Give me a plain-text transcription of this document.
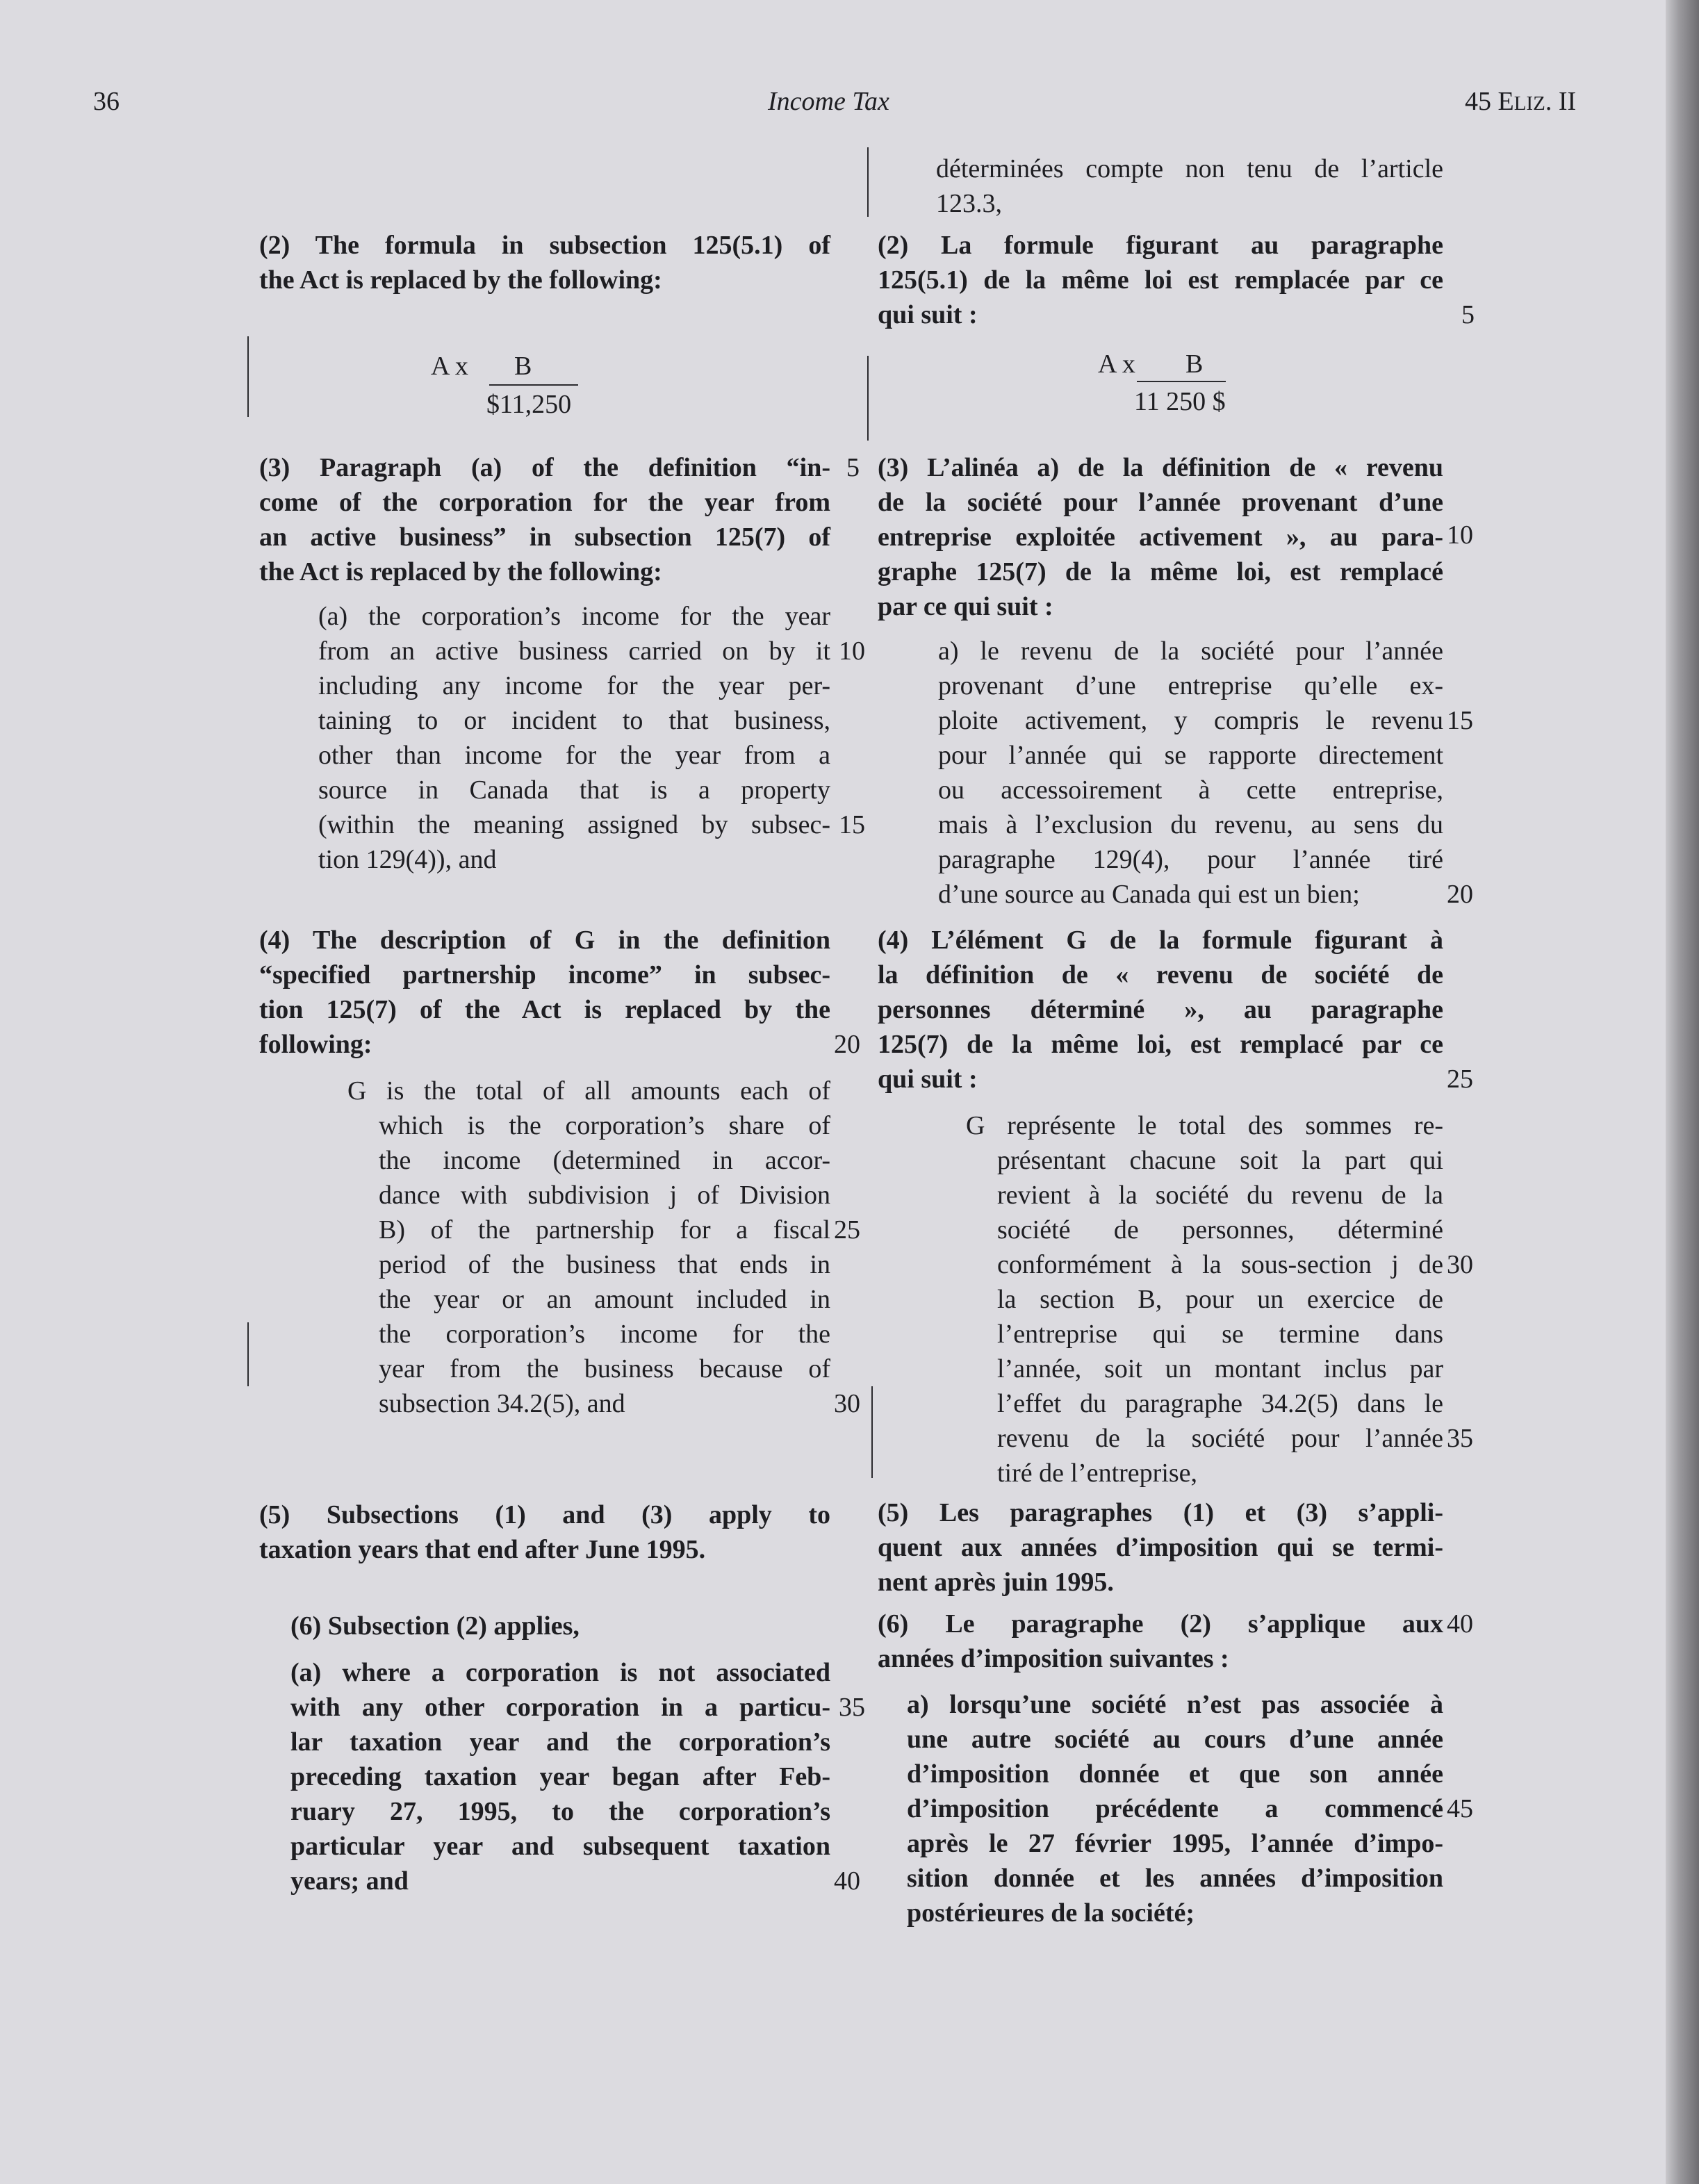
36	Income Tax	45 ELIZ. II
(2) The formula in subsection 125(5.1) of
the Act is replaced by the following:
A x B
$11,250
(3) Paragraph (a) of the definition “in-
come of the corporation for the year from
an active business” in subsection 125(7) of
the Act is replaced by the following:
(a) the corporation’s income for the year
from an active business carried on by it
including any income for the year per-
taining to or incident to that business,
other than income for the year from a
source in Canada that is a property
(within the meaning assigned by subsec-
tion 129(4)), and
(4) The description of G in the definition
“specified partnership income” in subsec-
tion 125(7) of the Act is replaced by the
following:
G is the total of all amounts each of
which is the corporation’s share of
the income (determined in accor-
dance with subdivision j of Division
B) of the partnership for a fiscal
period of the business that ends in
the year or an amount included in
the corporation’s income for the
year from the business because of
subsection 34.2(5), and
(5) Subsections (1) and (3) apply to
taxation years that end after June 1995.
(6) Subsection (2) applies,
(a) where a corporation is not associated
with any other corporation in a particu-
lar taxation year and the corporation’s
preceding taxation year began after Feb-
ruary 27, 1995, to the corporation’s
particular year and subsequent taxation
years; and
5
10
15
20
25
30
35
40
déterminées compte non tenu de l’article
123.3,
(2) La formule figurant au paragraphe
125(5.1) de la même loi est remplacée par ce
qui suit :
A x B
11 250 $
(3) L’alinéa a) de la définition de « revenu
de la société pour l’année provenant d’une
entreprise exploitée activement », au para-
graphe 125(7) de la même loi, est remplacé
par ce qui suit :
a) le revenu de la société pour l’année
provenant d’une entreprise qu’elle ex-
ploite activement, y compris le revenu
pour l’année qui se rapporte directement
ou accessoirement à cette entreprise,
mais à l’exclusion du revenu, au sens du
paragraphe 129(4), pour l’année tiré
d’une source au Canada qui est un bien;
(4) L’élément G de la formule figurant à
la définition de « revenu de société de
personnes déterminé », au paragraphe
125(7) de la même loi, est remplacé par ce
qui suit :
G représente le total des sommes re-
présentant chacune soit la part qui
revient à la société du revenu de la
société de personnes, déterminé
conformément à la sous-section j de
la section B, pour un exercice de
l’entreprise qui se termine dans
l’année, soit un montant inclus par
l’effet du paragraphe 34.2(5) dans le
revenu de la société pour l’année
tiré de l’entreprise,
(5) Les paragraphes (1) et (3) s’appli-
quent aux années d’imposition qui se termi-
nent après juin 1995.
(6) Le paragraphe (2) s’applique aux
années d’imposition suivantes :
a) lorsqu’une société n’est pas associée à
une autre société au cours d’une année
d’imposition donnée et que son année
d’imposition précédente a commencé
après le 27 février 1995, l’année d’impo-
sition donnée et les années d’imposition
postérieures de la société;
5
10
15
20
25
30
35
40
45
